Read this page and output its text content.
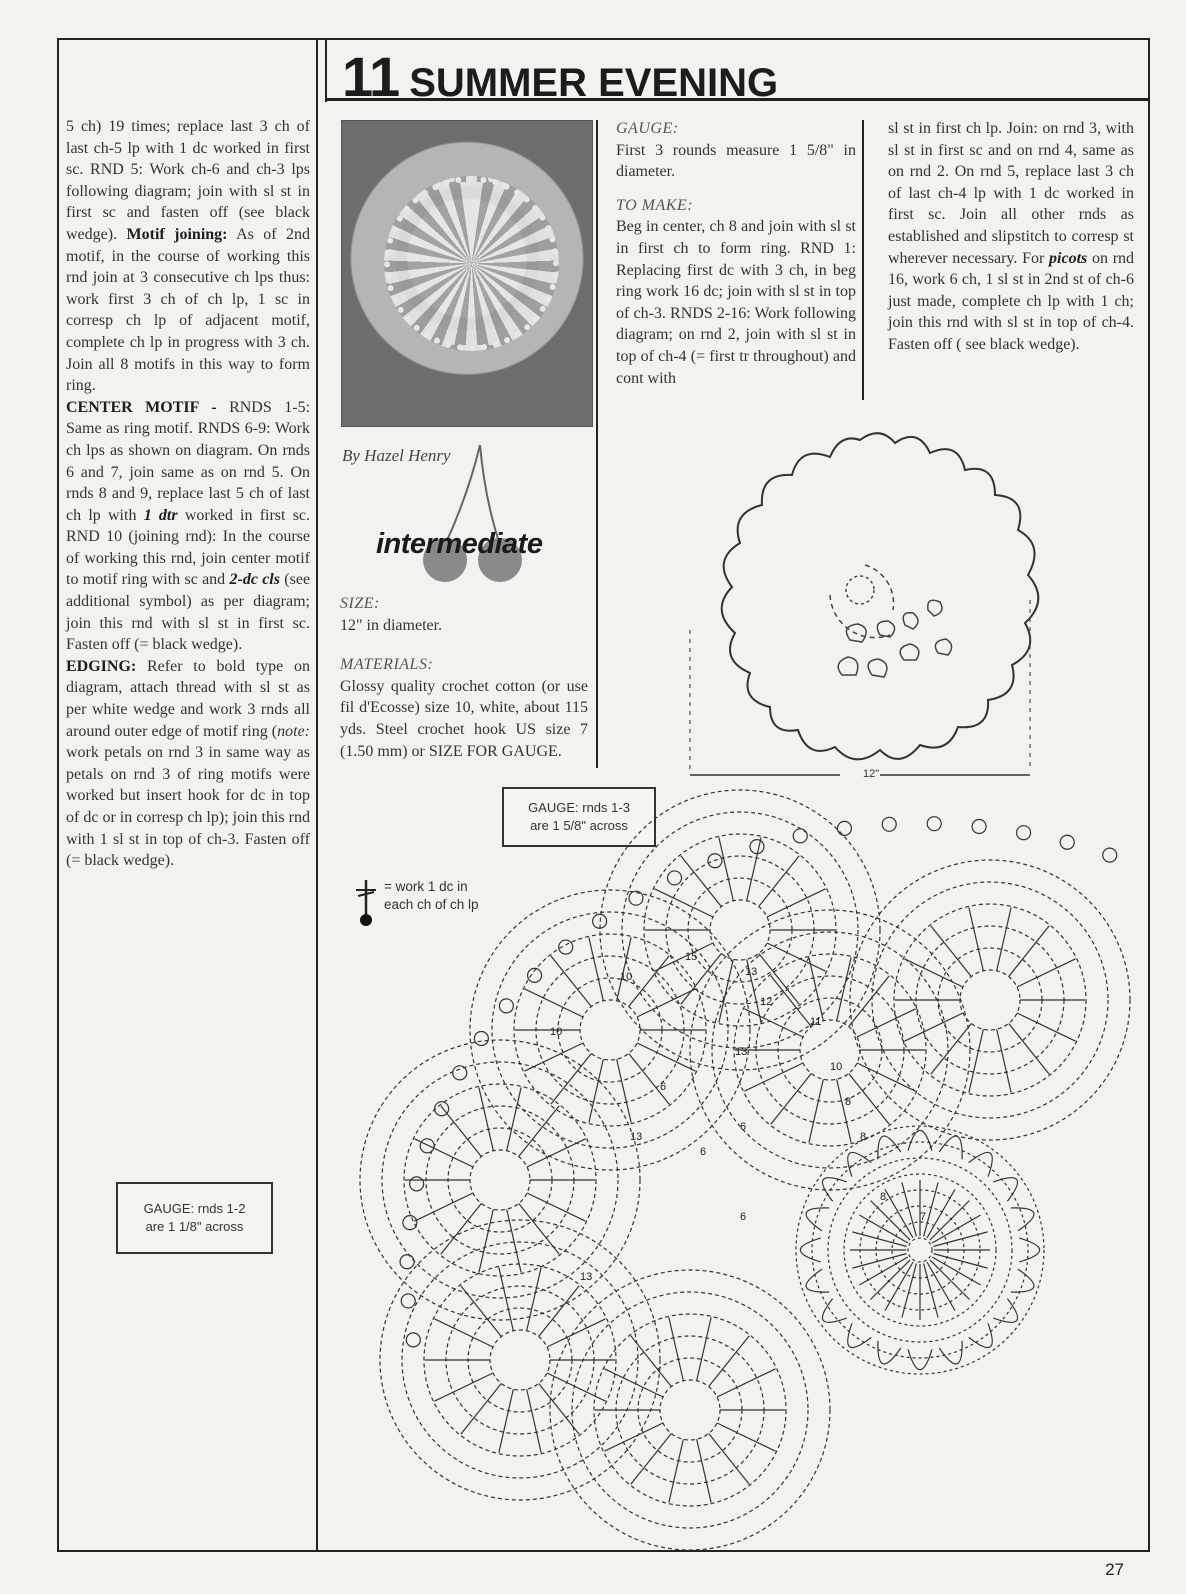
11 SUMMER EVENING

5 ch) 19 times; replace last 3 ch of last ch-5 lp with 1 dc worked in first sc. RND 5: Work ch-6 and ch-3 lps following diagram; join with sl st in first sc and fasten off (see black wedge). Motif joining: As of 2nd motif, in the course of working this rnd join at 3 consecutive ch lps thus: work first 3 ch of ch lp, 1 sc in corresp ch lp of adjacent motif, complete ch lp in progress with 3 ch. Join all 8 motifs in this way to form ring.

CENTER MOTIF - RNDS 1-5: Same as ring motif. RNDS 6-9: Work ch lps as shown on diagram. On rnds 6 and 7, join same as on rnd 5. On rnds 8 and 9, replace last 5 ch of last ch lp with 1 dtr worked in first sc. RND 10 (joining rnd): In the course of working this rnd, join center motif to motif ring with sc and 2-dc cls (see additional symbol) as per diagram; join this rnd with sl st in first sc. Fasten off (= black wedge).

EDGING: Refer to bold type on diagram, attach thread with sl st as per white wedge and work 3 rnds all around outer edge of motif ring (note: work petals on rnd 3 in same way as petals on rnd 3 of ring motifs were worked but insert hook for dc in top of dc or in corresp ch lp); join this rnd with 1 sl st in top of ch-3. Fasten off (= black wedge).

By Hazel Henry
intermediate

SIZE:

12" in diameter.

MATERIALS:

Glossy quality crochet cotton (or use fil d'Ecosse) size 10, white, about 115 yds. Steel crochet hook US size 7 (1.50 mm) or SIZE FOR GAUGE.

GAUGE:

First 3 rounds measure 1 5/8" in diameter.

TO MAKE:

Beg in center, ch 8 and join with sl st in first ch to form ring. RND 1: Replacing first dc with 3 ch, in beg ring work 16 dc; join with sl st in top of ch-3. RNDS 2-16: Work following diagram; on rnd 2, join with sl st in top of ch-4 (= first tr throughout) and cont with

sl st in first ch lp. Join: on rnd 3, with sl st in first sc and on rnd 4, same as on rnd 2. On rnd 5, replace last 3 ch of last ch-4 lp with 1 dc worked in first sc. Join all other rnds as established and slipstitch to corresp st wherever necessary. For picots on rnd 16, work 6 ch, 1 sl st in 2nd st of ch-6 just made, complete ch lp with 1 ch; join this rnd with sl st in top of ch-4. Fasten off ( see black wedge).

12"
GAUGE: rnds 1-3
are 1 5/8" across
GAUGE: rnds 1-2
are 1 1/8" across
= work 1 dc in
each ch of ch lp
10
10
15
13
12
11
13
10
6
6
6
13	8
8
7
13
8
6
27
